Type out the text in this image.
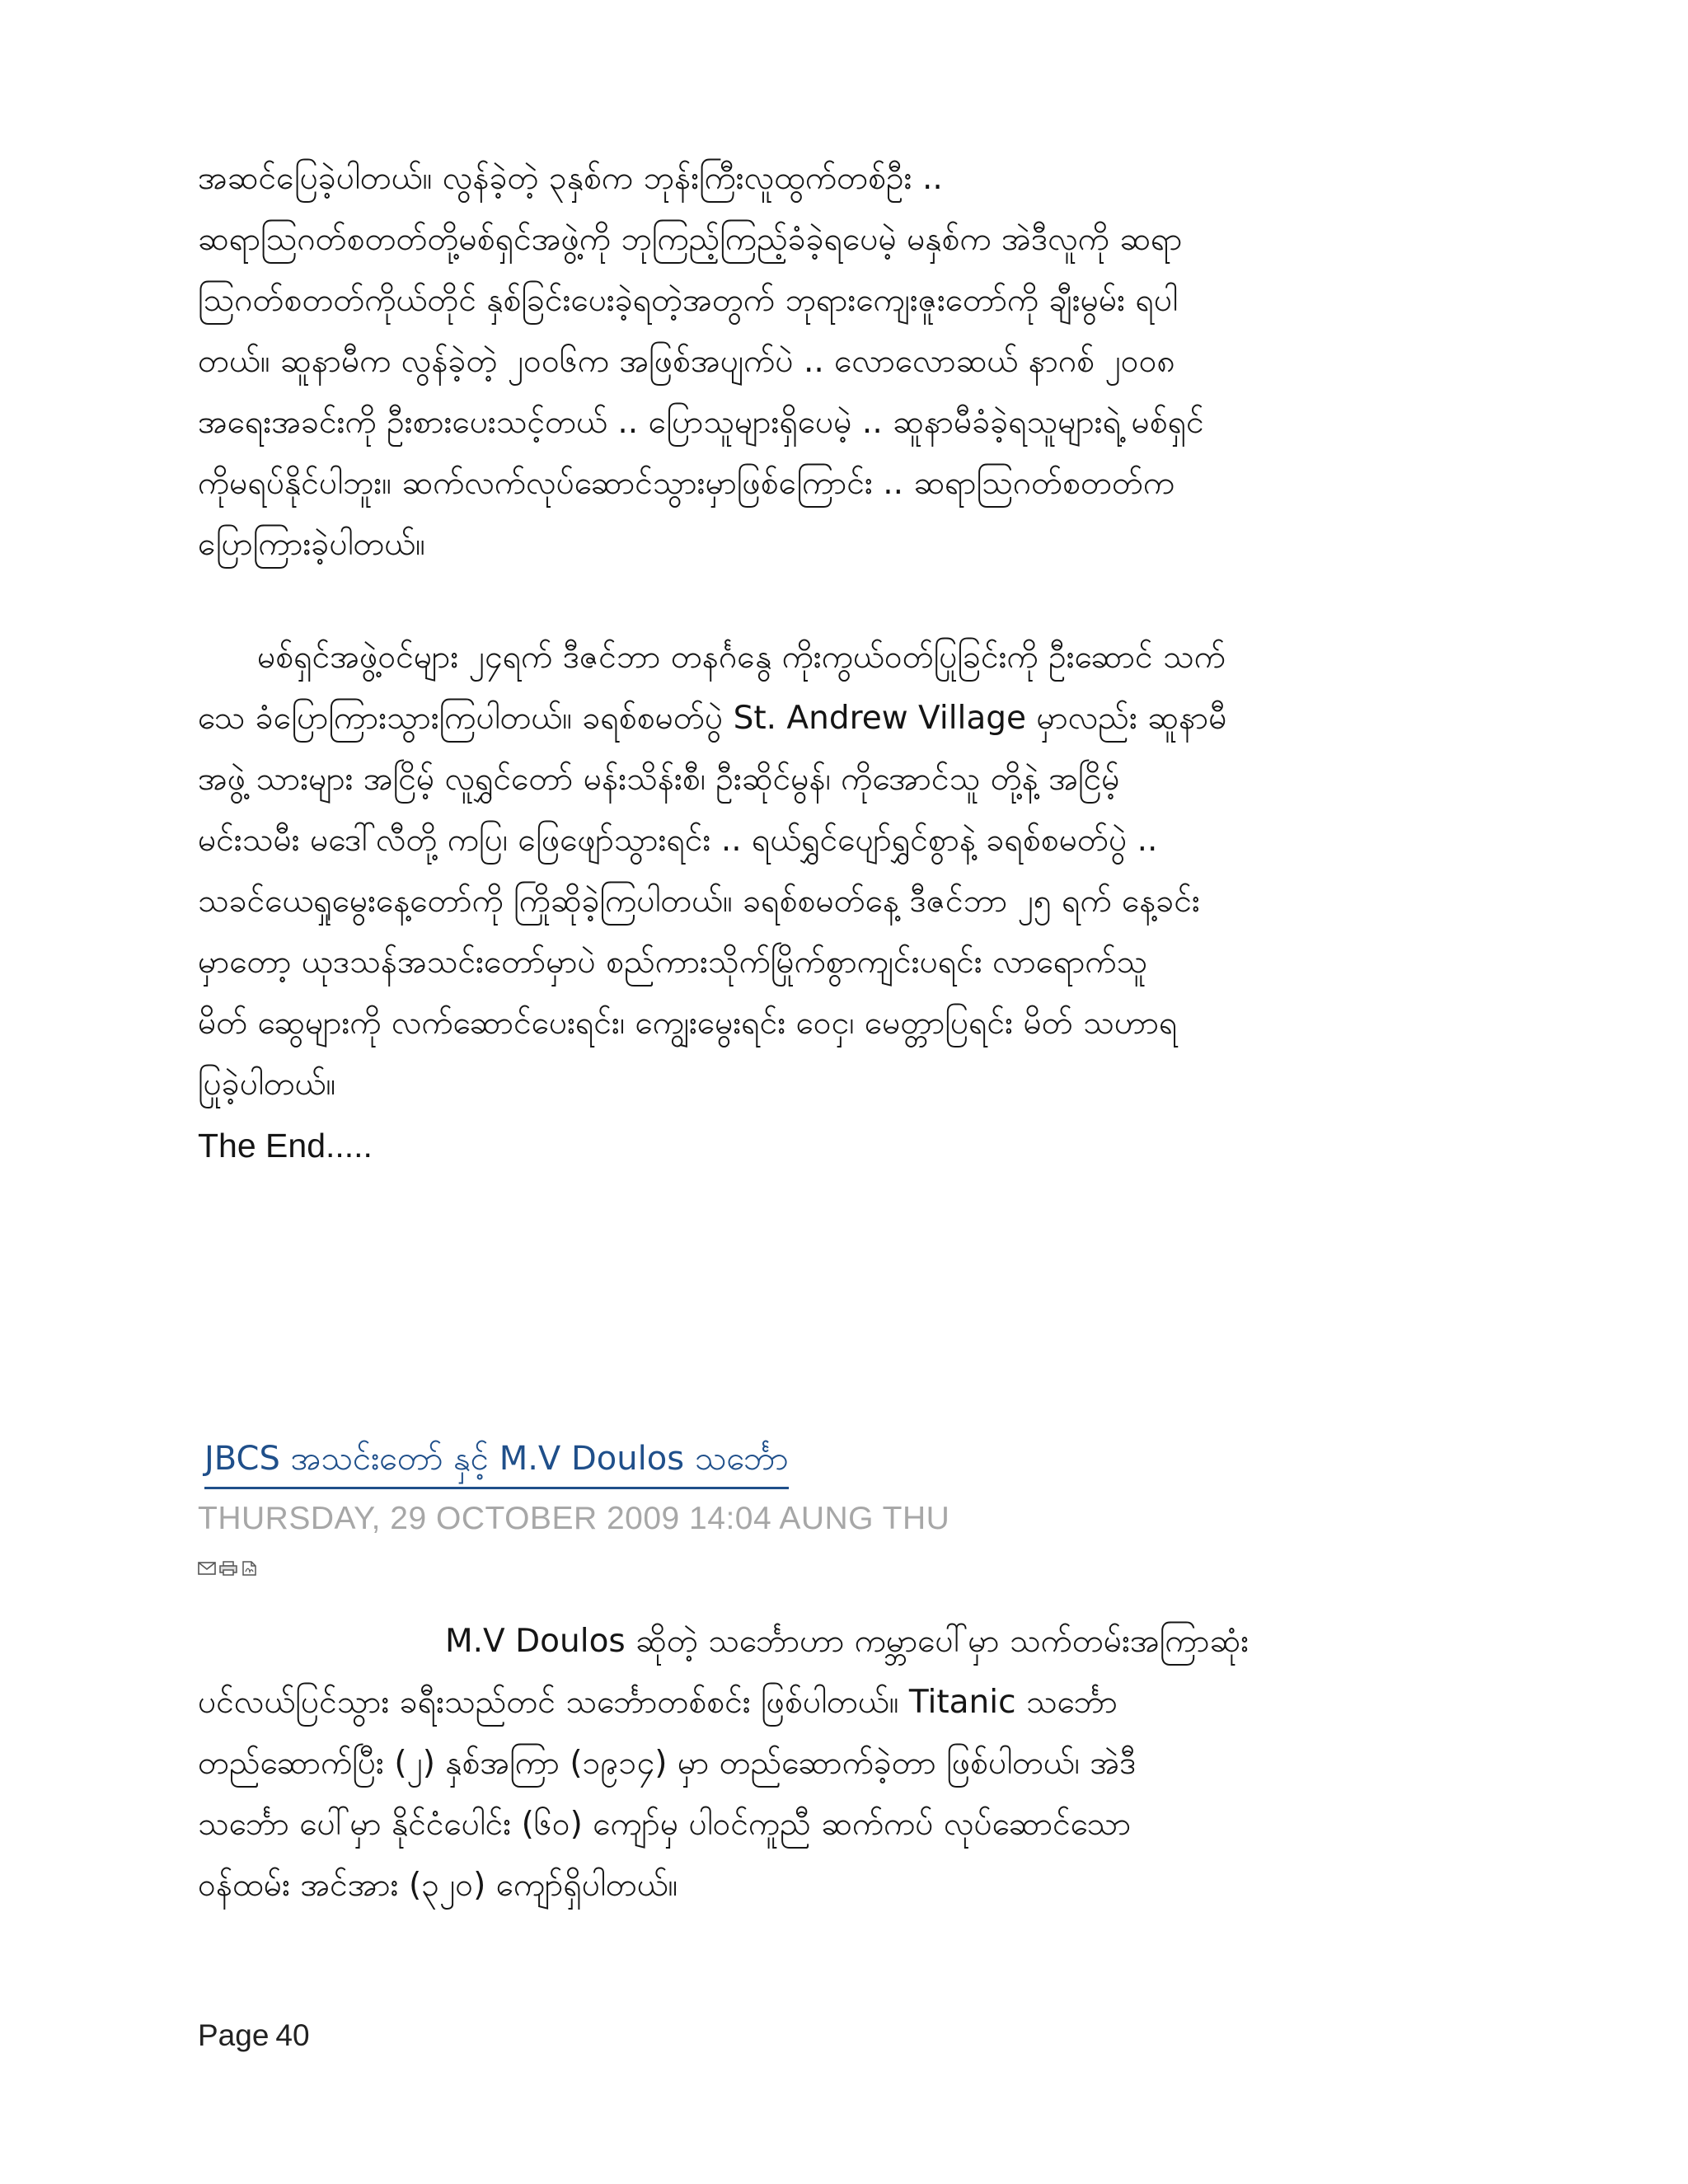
အဆင်ပြေခဲ့ပါတယ်။ လွန်ခဲ့တဲ့ ၃နှစ်က ဘုန်းကြီးလူထွက်တစ်ဦး ..
ဆရာဩဂတ်စတတ်တို့မစ်ရှင်အဖွဲ့ကို ဘုကြည့်ကြည့်ခံခဲ့ရပေမဲ့ မနှစ်က အဲဒီလူကို ဆရာ
ဩဂတ်စတတ်ကိုယ်တိုင် နှစ်ခြင်းပေးခဲ့ရတဲ့အတွက် ဘုရားကျေးဇူးတော်ကို ချီးမွမ်း ရပါ
တယ်။ ဆူနာမီက လွန်ခဲ့တဲ့ ၂၀၀၆က အဖြစ်အပျက်ပဲ .. လောလောဆယ် နာဂစ် ၂၀၀၈
အရေးအခင်းကို ဦးစားပေးသင့်တယ် .. ပြောသူများရှိပေမဲ့ .. ဆူနာမီခံခဲ့ရသူများရဲ့ မစ်ရှင်
ကိုမရပ်နိုင်ပါဘူး။ ဆက်လက်လုပ်ဆောင်သွားမှာဖြစ်ကြောင်း .. ဆရာဩဂတ်စတတ်က
ပြောကြားခဲ့ပါတယ်။
မစ်ရှင်အဖွဲ့ဝင်များ ၂၄ရက် ဒီဇင်ဘာ တနင်္ဂနွေ ကိုးကွယ်ဝတ်ပြုခြင်းကို ဦးဆောင် သက်
သေ ခံပြောကြားသွားကြပါတယ်။ ခရစ်စမတ်ပွဲ St. Andrew Village မှာလည်း ဆူနာမီ
အဖွဲ့ သားများ အငြိမ့် လူရွှင်တော် မန်းသိန်းစီ၊ ဦးဆိုင်မွန်၊ ကိုအောင်သူ တို့နဲ့ အငြိမ့်
မင်းသမီး မဒေါ်လီတို့ ကပြ၊ ဖြေဖျော်သွားရင်း .. ရယ်ရွှင်ပျော်ရွှင်စွာနဲ့ ခရစ်စမတ်ပွဲ ..
သခင်ယေရှုမွေးနေ့တော်ကို ကြိုဆိုခဲ့ကြပါတယ်။ ခရစ်စမတ်နေ့ ဒီဇင်ဘာ ၂၅ ရက် နေ့ခင်း
မှာတော့ ယုဒသန်အသင်းတော်မှာပဲ စည်ကားသိုက်မြိုက်စွာကျင်းပရင်း လာရောက်သူ
မိတ် ဆွေများကို လက်ဆောင်ပေးရင်း၊ ကျွေးမွေးရင်း ဝေငှ၊ မေတ္တာပြရင်း မိတ် သဟာရ
ပြုခဲ့ပါတယ်။
The End.....
JBCS အသင်းတော် နှင့် M.V Doulos သင်္ဘော
THURSDAY, 29 OCTOBER 2009 14:04 AUNG THU
M.V Doulos ဆိုတဲ့ သင်္ဘောဟာ ကမ္ဘာပေါ်မှာ သက်တမ်းအကြာဆုံး
ပင်လယ်ပြင်သွား ခရီးသည်တင် သင်္ဘောတစ်စင်း ဖြစ်ပါတယ်။ Titanic သင်္ဘော
တည်ဆောက်ပြီး (၂) နှစ်အကြာ (၁၉၁၄) မှာ တည်ဆောက်ခဲ့တာ ဖြစ်ပါတယ်၊ အဲဒီ
သင်္ဘော ပေါ်မှာ နိုင်ငံပေါင်း (၆၀) ကျော်မှ ပါဝင်ကူညီ ဆက်ကပ် လုပ်ဆောင်သော
ဝန်ထမ်း အင်အား (၃၂၀) ကျော်ရှိပါတယ်။
Page 40
